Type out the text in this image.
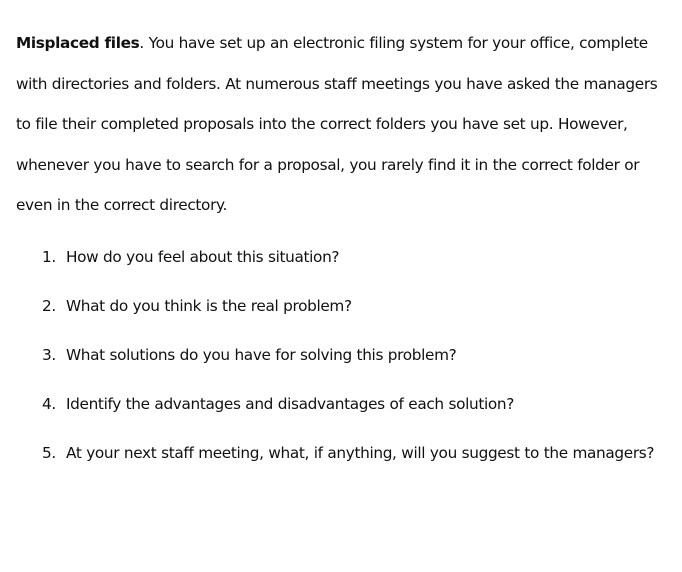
Misplaced files. You have set up an electronic filing system for your office, complete with directories and folders. At numerous staff meetings you have asked the managers to file their completed proposals into the correct folders you have set up. However, whenever you have to search for a proposal, you rarely find it in the correct folder or even in the correct directory.

1. How do you feel about this situation?
2. What do you think is the real problem?
3. What solutions do you have for solving this problem?
4. Identify the advantages and disadvantages of each solution?
5. At your next staff meeting, what, if anything, will you suggest to the managers?
